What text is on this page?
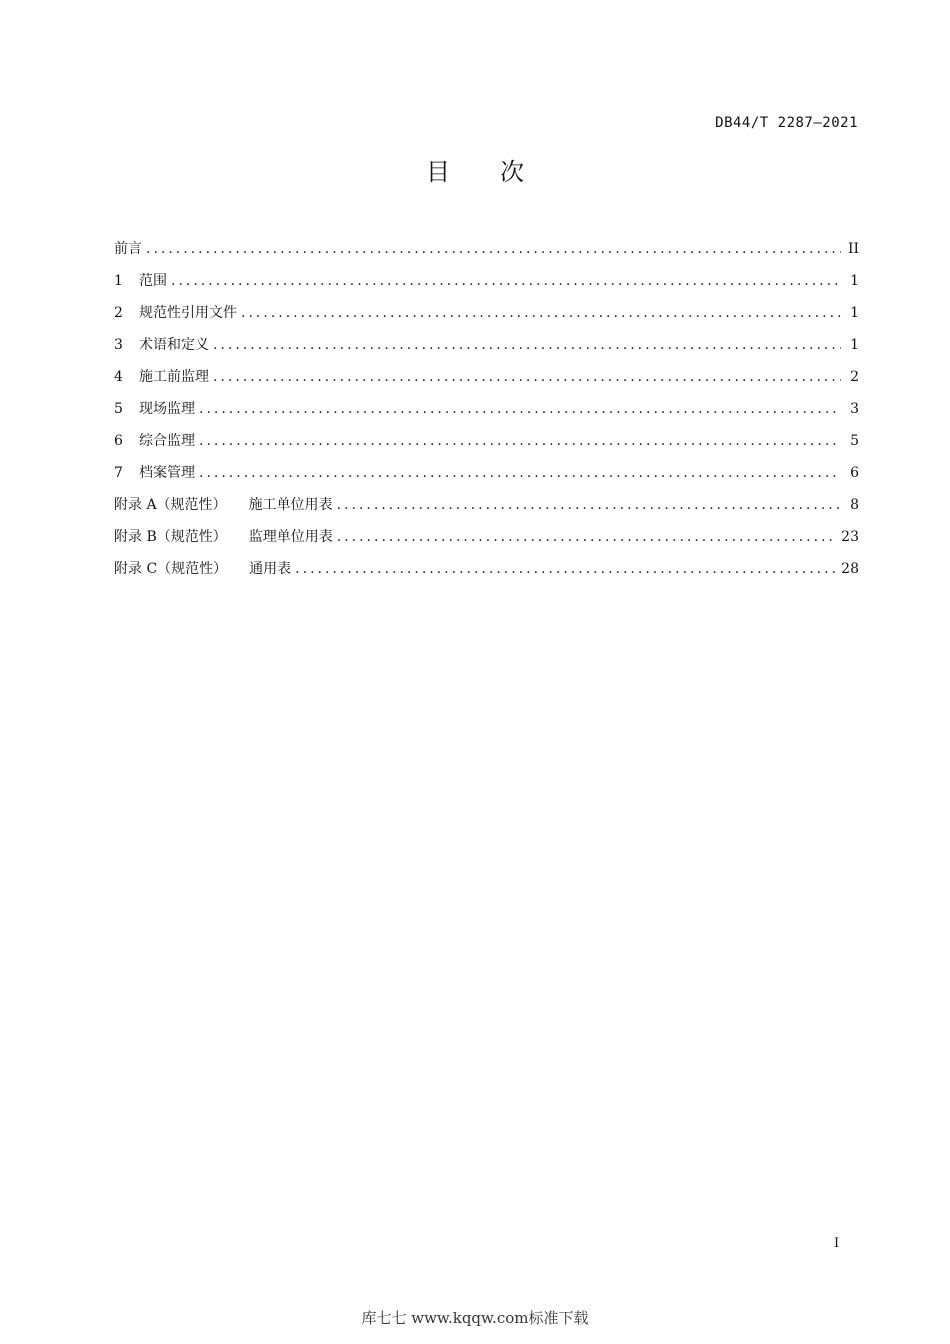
DB44/T 2287—2021
目 次
前言 .....	II
1	范围 .....	1
2	规范性引用文件 .....	1
3	术语和定义 .....	1
4	施工前监理 .....	2
5	现场监理 .....	3
6	综合监理 .....	5
7	档案管理 .....	6
附录 A（规范性） 施工单位用表 .....	8
附录 B（规范性） 监理单位用表 .....	23
附录 C（规范性） 通用表 .....	28
I
库七七 www.kqqw.com标准下载
